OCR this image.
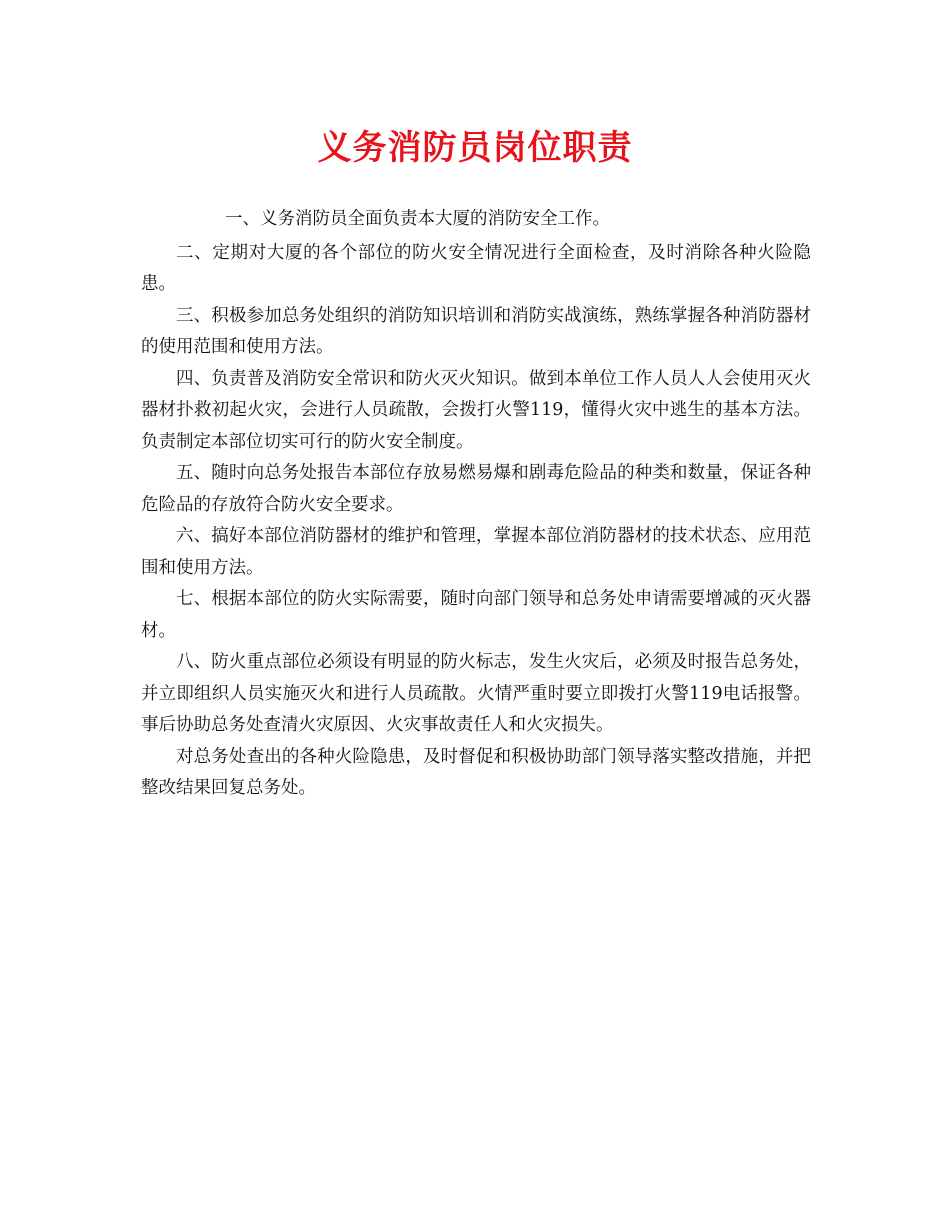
义务消防员岗位职责

一、义务消防员全面负责本大厦的消防安全工作。

二、定期对大厦的各个部位的防火安全情况进行全面检查，及时消除各种火险隐患。

三、积极参加总务处组织的消防知识培训和消防实战演练，熟练掌握各种消防器材的使用范围和使用方法。

四、负责普及消防安全常识和防火灭火知识。做到本单位工作人员人人会使用灭火器材扑救初起火灾，会进行人员疏散，会拨打火警119，懂得火灾中逃生的基本方法。负责制定本部位切实可行的防火安全制度。

五、随时向总务处报告本部位存放易燃易爆和剧毒危险品的种类和数量，保证各种危险品的存放符合防火安全要求。

六、搞好本部位消防器材的维护和管理，掌握本部位消防器材的技术状态、应用范围和使用方法。

七、根据本部位的防火实际需要，随时向部门领导和总务处申请需要增减的灭火器材。

八、防火重点部位必须设有明显的防火标志，发生火灾后，必须及时报告总务处，并立即组织人员实施灭火和进行人员疏散。火情严重时要立即拨打火警119电话报警。事后协助总务处查清火灾原因、火灾事故责任人和火灾损失。

对总务处查出的各种火险隐患，及时督促和积极协助部门领导落实整改措施，并把整改结果回复总务处。
